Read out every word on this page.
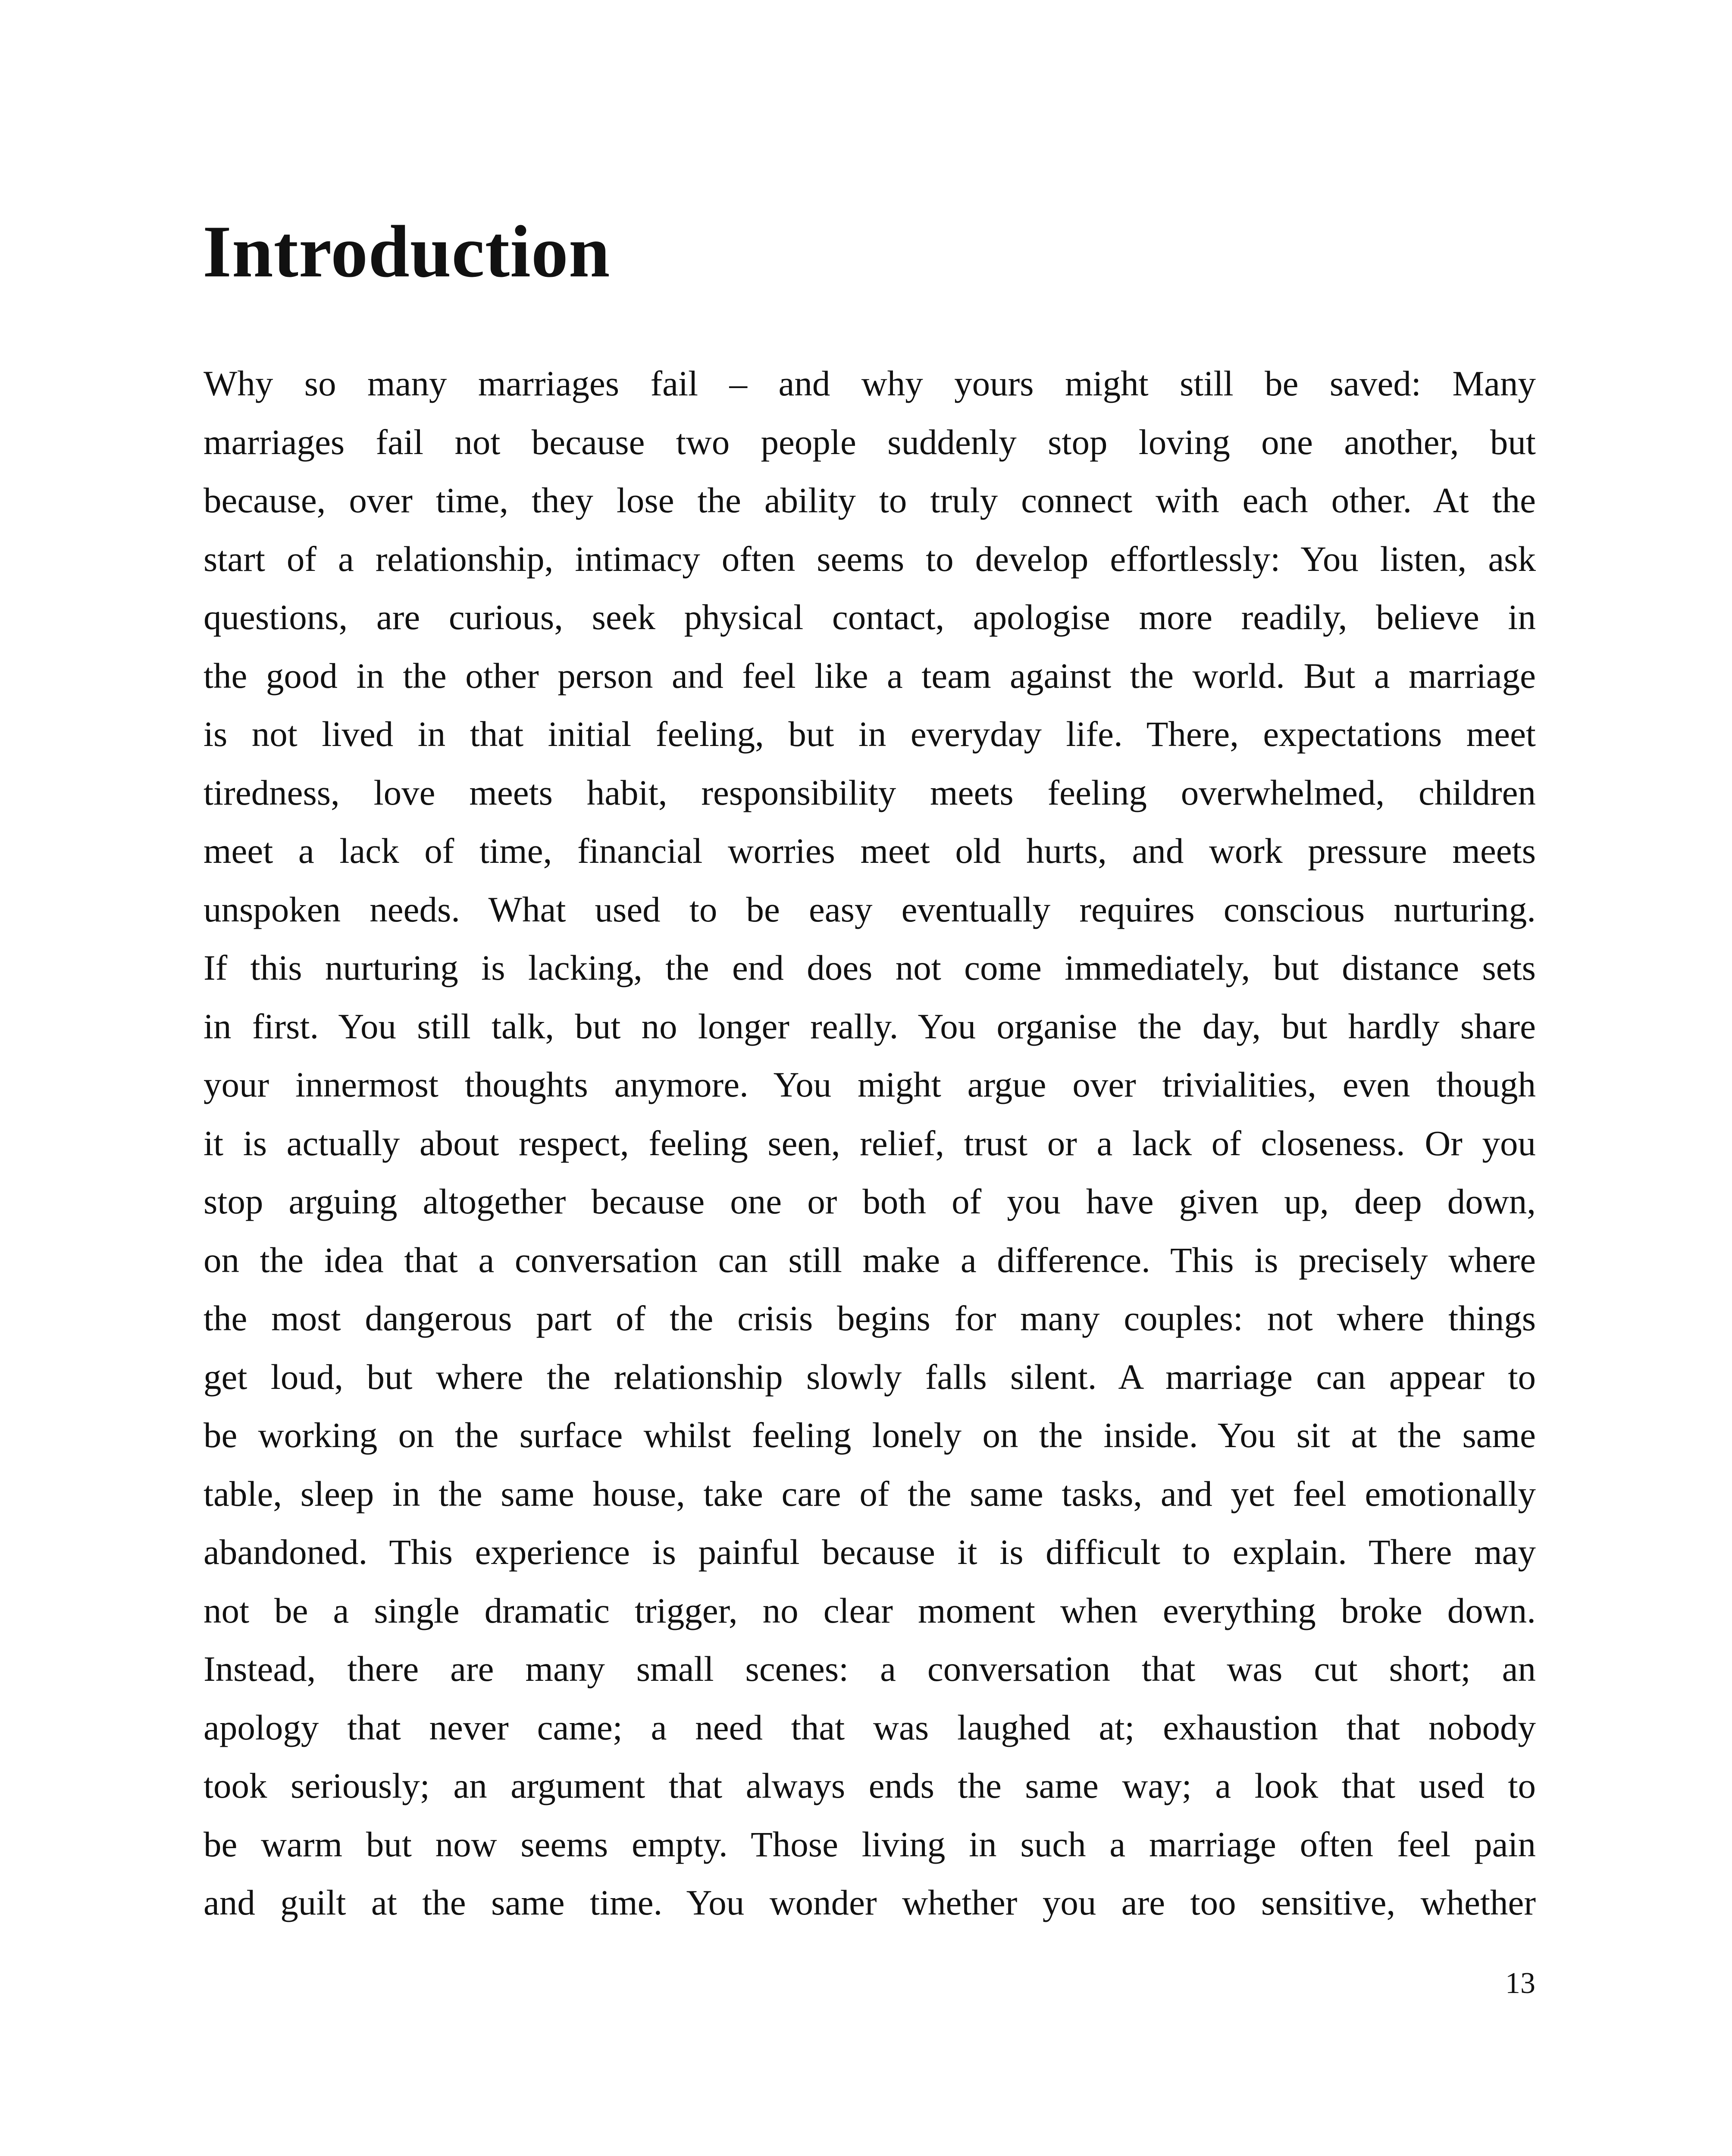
Introduction
Why so many marriages fail – and why yours might still be saved: Many
marriages fail not because two people suddenly stop loving one another, but
because, over time, they lose the ability to truly connect with each other. At the
start of a relationship, intimacy often seems to develop effortlessly: You listen, ask
questions, are curious, seek physical contact, apologise more readily, believe in
the good in the other person and feel like a team against the world. But a marriage
is not lived in that initial feeling, but in everyday life. There, expectations meet
tiredness, love meets habit, responsibility meets feeling overwhelmed, children
meet a lack of time, financial worries meet old hurts, and work pressure meets
unspoken needs. What used to be easy eventually requires conscious nurturing.
If this nurturing is lacking, the end does not come immediately, but distance sets
in first. You still talk, but no longer really. You organise the day, but hardly share
your innermost thoughts anymore. You might argue over trivialities, even though
it is actually about respect, feeling seen, relief, trust or a lack of closeness. Or you
stop arguing altogether because one or both of you have given up, deep down,
on the idea that a conversation can still make a difference. This is precisely where
the most dangerous part of the crisis begins for many couples: not where things
get loud, but where the relationship slowly falls silent. A marriage can appear to
be working on the surface whilst feeling lonely on the inside. You sit at the same
table, sleep in the same house, take care of the same tasks, and yet feel emotionally
abandoned. This experience is painful because it is difficult to explain. There may
not be a single dramatic trigger, no clear moment when everything broke down.
Instead, there are many small scenes: a conversation that was cut short; an
apology that never came; a need that was laughed at; exhaustion that nobody
took seriously; an argument that always ends the same way; a look that used to
be warm but now seems empty. Those living in such a marriage often feel pain
and guilt at the same time. You wonder whether you are too sensitive, whether
13
